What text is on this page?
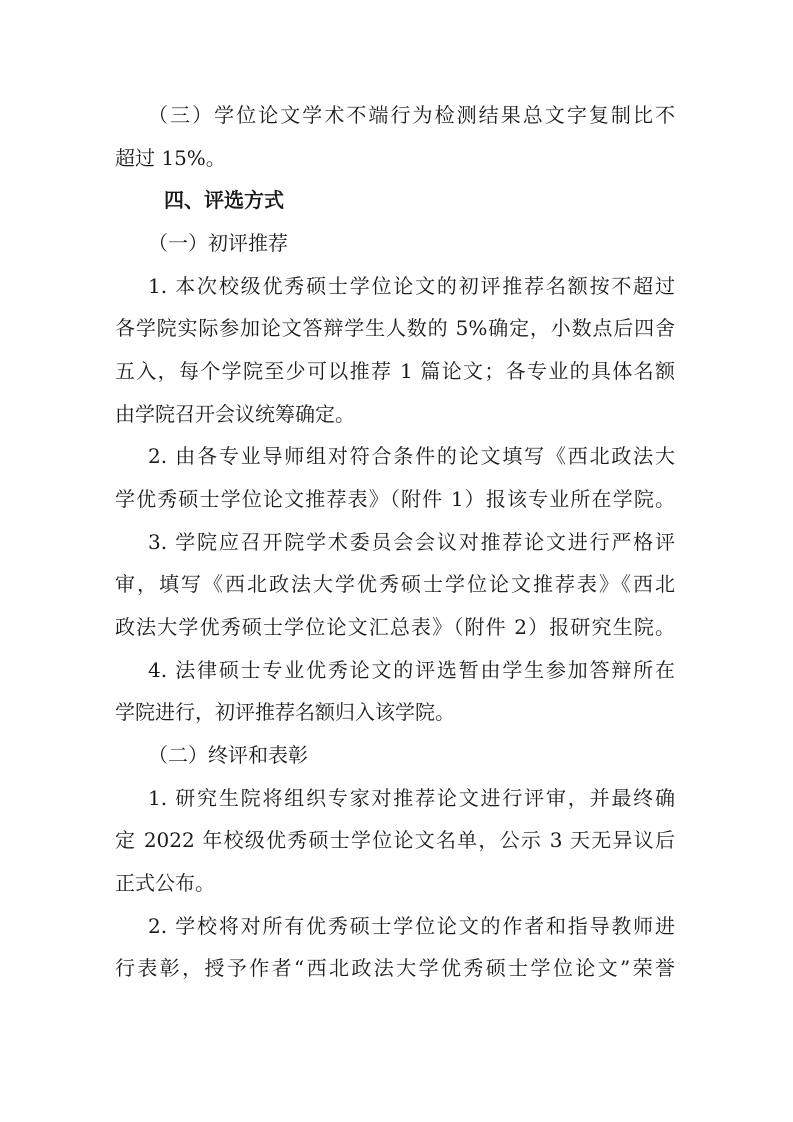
（三）学位论文学术不端行为检测结果总文字复制比不
超过 15%。
四、评选方式
（一）初评推荐
1. 本次校级优秀硕士学位论文的初评推荐名额按不超过
各学院实际参加论文答辩学生人数的 5%确定，小数点后四舍
五入，每个学院至少可以推荐 1 篇论文；各专业的具体名额
由学院召开会议统筹确定。
2. 由各专业导师组对符合条件的论文填写《西北政法大
学优秀硕士学位论文推荐表》（附件 1）报该专业所在学院。
3. 学院应召开院学术委员会会议对推荐论文进行严格评
审，填写《西北政法大学优秀硕士学位论文推荐表》《西北
政法大学优秀硕士学位论文汇总表》（附件 2）报研究生院。
4. 法律硕士专业优秀论文的评选暂由学生参加答辩所在
学院进行，初评推荐名额归入该学院。
（二）终评和表彰
1. 研究生院将组织专家对推荐论文进行评审，并最终确
定 2022 年校级优秀硕士学位论文名单，公示 3 天无异议后
正式公布。
2. 学校将对所有优秀硕士学位论文的作者和指导教师进
行表彰，授予作者“西北政法大学优秀硕士学位论文”荣誉
